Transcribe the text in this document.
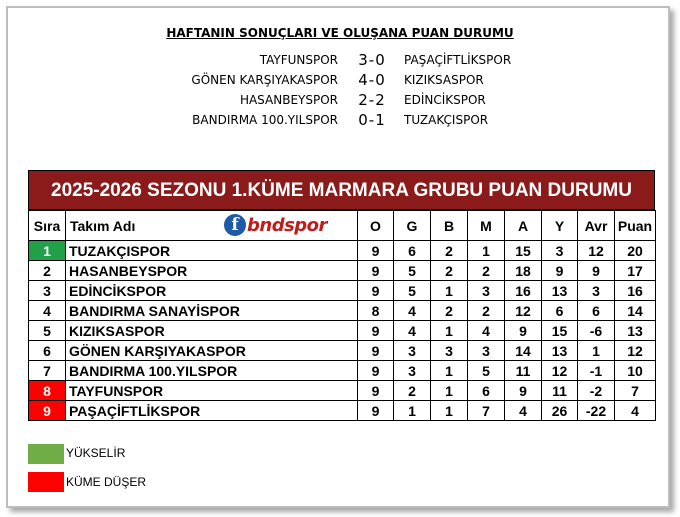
HAFTANIN SONUÇLARI VE OLUŞANA PUAN DURUMU
TAYFUNSPOR 3-0	PAŞAÇİFTLİKSPOR
GÖNEN KARŞIYAKASPOR 4-0	KIZIKSASPOR
HASANBEYSPOR 2-2	EDİNCİKSPOR
BANDIRMA 100.YILSPOR 0-1	TUZAKÇISPOR
2025-2026 SEZONU 1.KÜME MARMARA GRUBU PUAN DURUMU
Sıra	Takım Adı f bndspor	O	G	B	M	A	Y	Avr	Puan
1	TUZAKÇISPOR	9	6	2	1	15	3	12	20
2	HASANBEYSPOR	9	5	2	2	18	9	9	17
3	EDİNCİKSPOR	9	5	1	3	16	13	3	16
4	BANDIRMA SANAYİSPOR	8	4	2	2	12	6	6	14
5	KIZIKSASPOR	9	4	1	4	9	15	-6	13
6	GÖNEN KARŞIYAKASPOR	9	3	3	3	14	13	1	12
7	BANDIRMA 100.YILSPOR	9	3	1	5	11	12	-1	10
8	TAYFUNSPOR	9	2	1	6	9	11	-2	7
9	PAŞAÇİFTLİKSPOR	9	1	1	7	4	26	-22	4
YÜKSELİR
KÜME DÜŞER
